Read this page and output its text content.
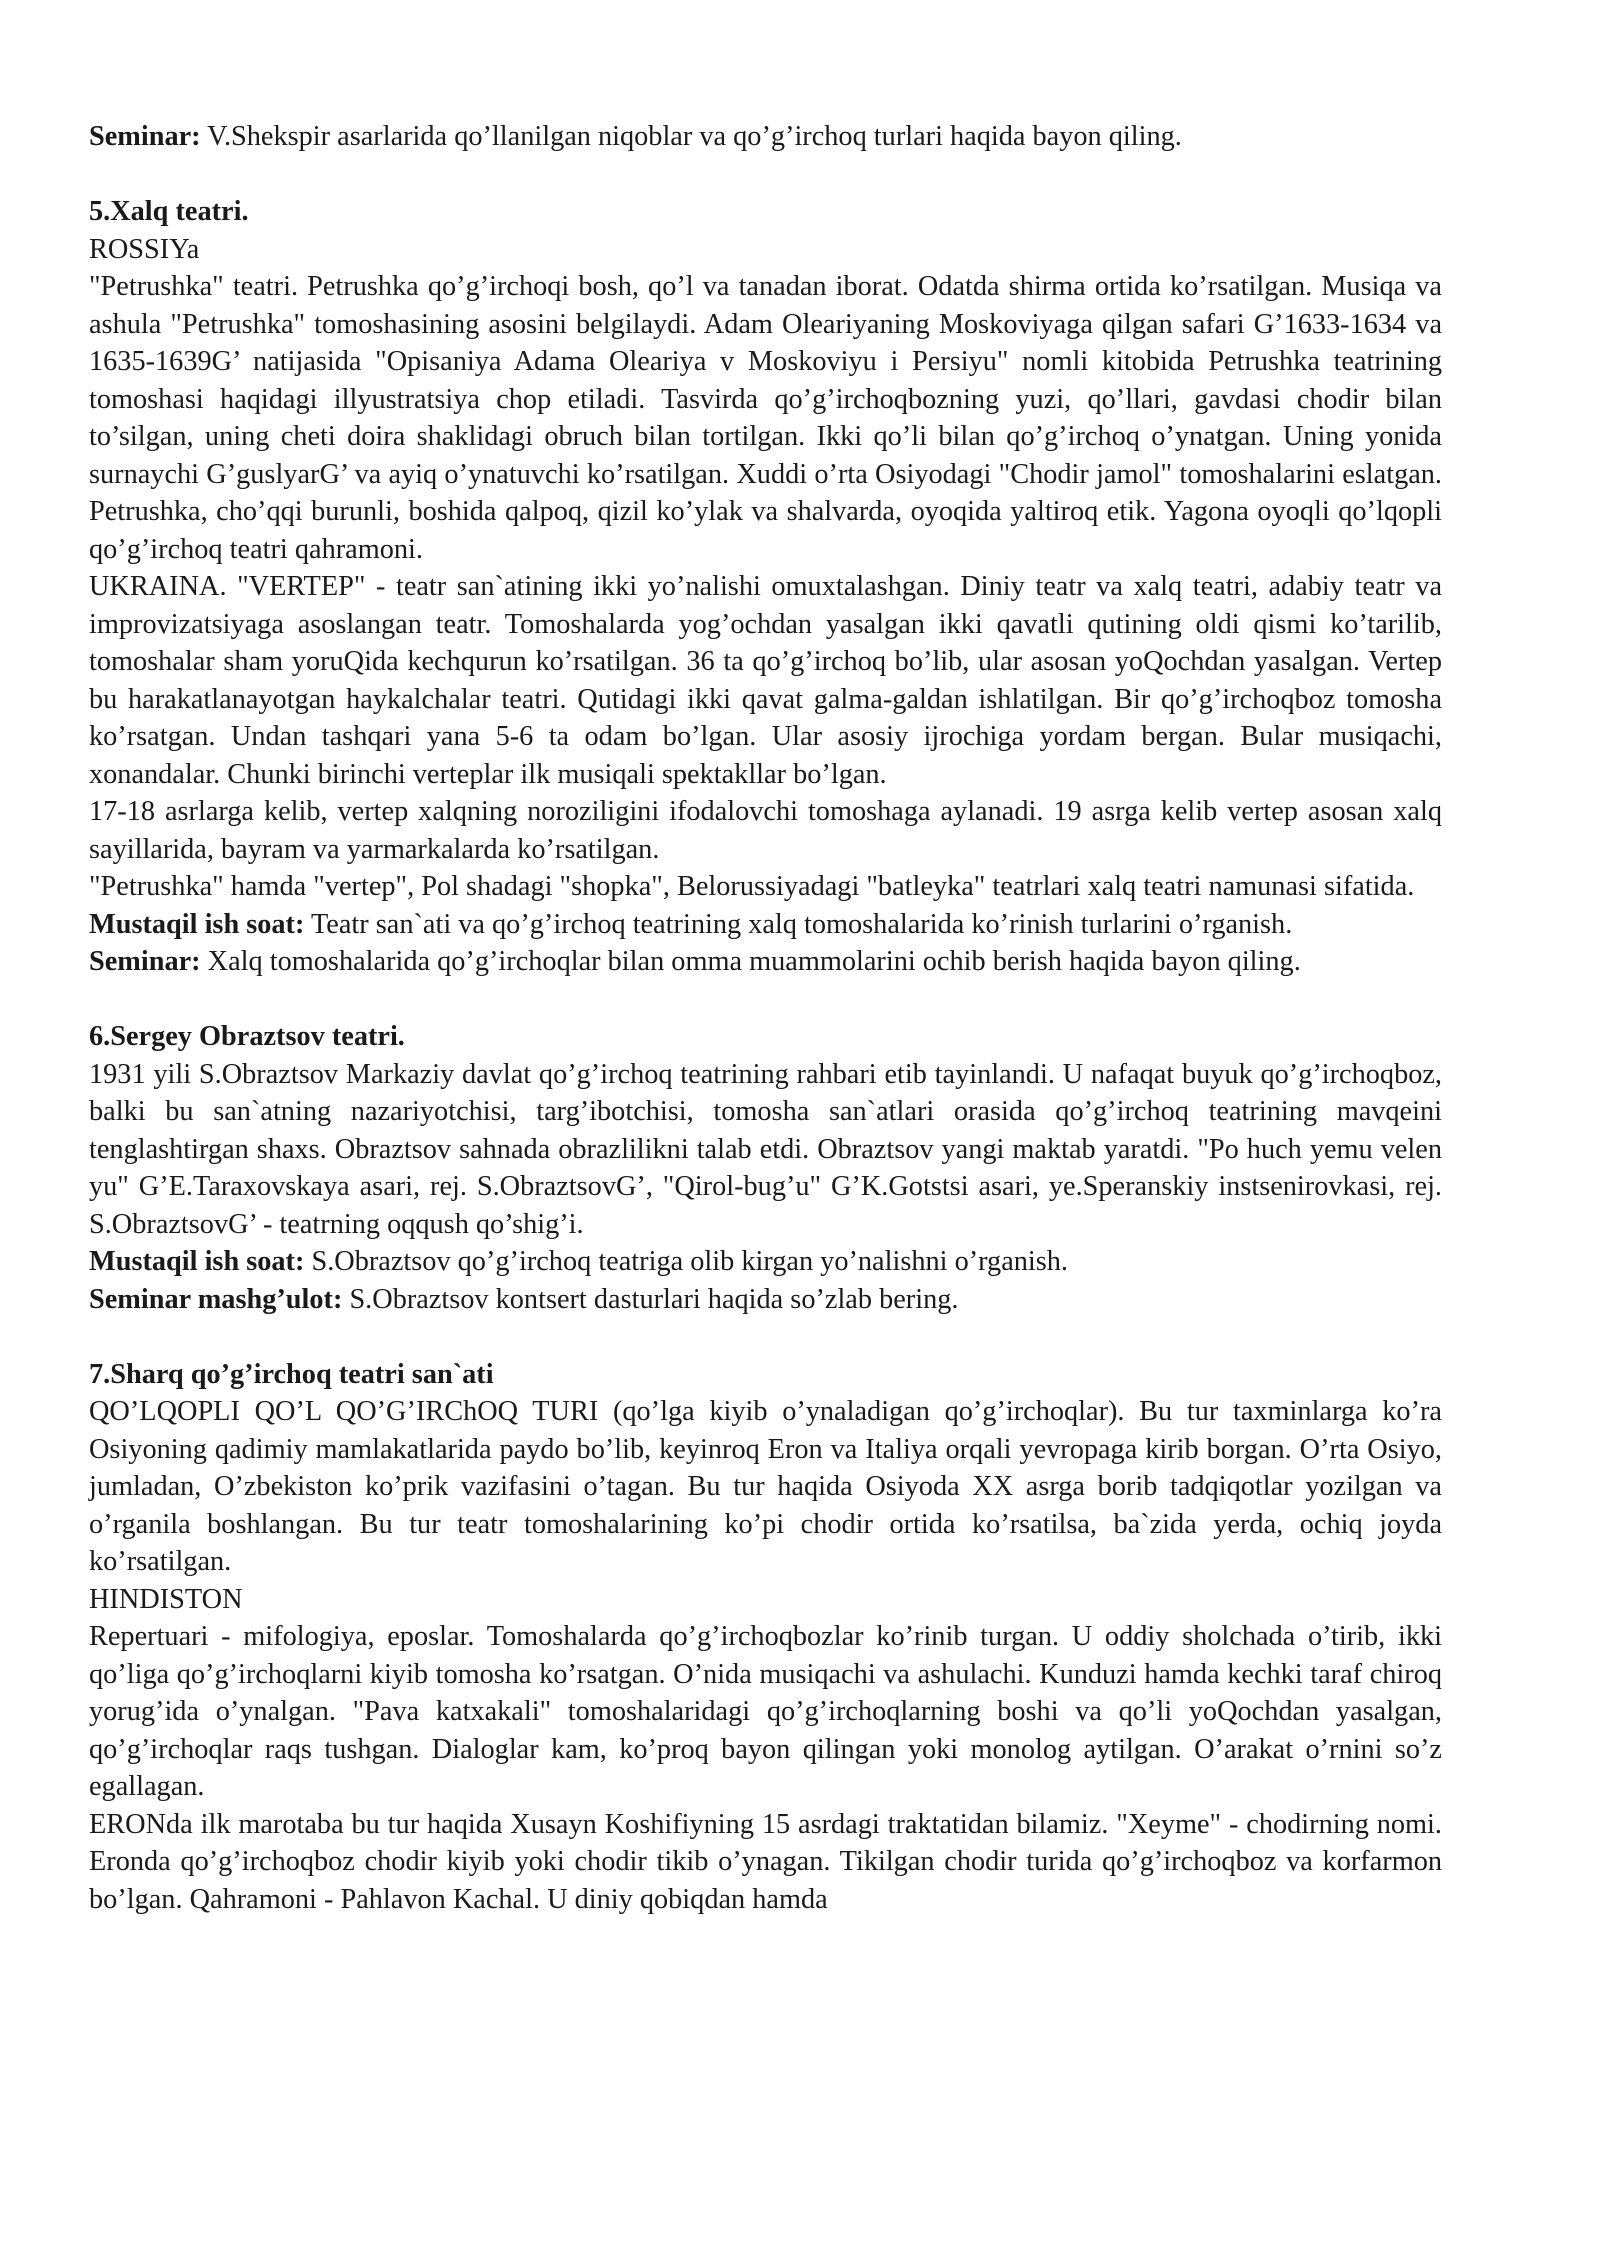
Seminar: V.Shekspir asarlarida qo’llanilgan niqoblar va qo’g’irchoq turlari haqida bayon qiling.

5.Xalq teatri.

ROSSIYa

"Petrushka" teatri. Petrushka qo’g’irchoqi bosh, qo’l va tanadan iborat. Odatda shirma ortida ko’rsatilgan. Musiqa va ashula "Petrushka" tomoshasining asosini belgilaydi. Adam Oleariyaning Moskoviyaga qilgan safari G’1633-1634 va 1635-1639G’ natijasida "Opisaniya Adama Oleariya v Moskoviyu i Persiyu" nomli kitobida Petrushka teatrining tomoshasi haqidagi illyustratsiya chop etiladi. Tasvirda qo’g’irchoqbozning yuzi, qo’llari, gavdasi chodir bilan to’silgan, uning cheti doira shaklidagi obruch bilan tortilgan. Ikki qo’li bilan qo’g’irchoq o’ynatgan. Uning yonida surnaychi G’guslyarG’ va ayiq o’ynatuvchi ko’rsatilgan. Xuddi o’rta Osiyodagi "Chodir jamol" tomoshalarini eslatgan. Petrushka, cho’qqi burunli, boshida qalpoq, qizil ko’ylak va shalvarda, oyoqida yaltiroq etik. Yagona oyoqli qo’lqopli qo’g’irchoq teatri qahramoni.

UKRAINA. "VERTEP" - teatr san`atining ikki yo’nalishi omuxtalashgan. Diniy teatr va xalq teatri, adabiy teatr va improvizatsiyaga asoslangan teatr. Tomoshalarda yog’ochdan yasalgan ikki qavatli qutining oldi qismi ko’tarilib, tomoshalar sham yoruQida kechqurun ko’rsatilgan. 36 ta qo’g’irchoq bo’lib, ular asosan yoQochdan yasalgan. Vertep bu harakatlanayotgan haykalchalar teatri. Qutidagi ikki qavat galma-galdan ishlatilgan. Bir qo’g’irchoqboz tomosha ko’rsatgan. Undan tashqari yana 5-6 ta odam bo’lgan. Ular asosiy ijrochiga yordam bergan. Bular musiqachi, xonandalar. Chunki birinchi verteplar ilk musiqali spektakllar bo’lgan.

17-18 asrlarga kelib, vertep xalqning noroziligini ifodalovchi tomoshaga aylanadi. 19 asrga kelib vertep asosan xalq sayillarida, bayram va yarmarkalarda ko’rsatilgan.

"Petrushka" hamda "vertep", Pol shadagi "shopka", Belorussiyadagi "batleyka" teatrlari xalq teatri namunasi sifatida.

Mustaqil ish soat: Teatr san`ati va qo’g’irchoq teatrining xalq tomoshalarida ko’rinish turlarini o’rganish.

Seminar: Xalq tomoshalarida qo’g’irchoqlar bilan omma muammolarini ochib berish haqida bayon qiling.

6.Sergey Obraztsov teatri.

1931 yili S.Obraztsov Markaziy davlat qo’g’irchoq teatrining rahbari etib tayinlandi. U nafaqat buyuk qo’g’irchoqboz, balki bu san`atning nazariyotchisi, targ’ibotchisi, tomosha san`atlari orasida qo’g’irchoq teatrining mavqeini tenglashtirgan shaxs. Obraztsov sahnada obrazlilikni talab etdi. Obraztsov yangi maktab yaratdi. "Po huch yemu velen yu" G’E.Taraxovskaya asari, rej. S.ObraztsovG’, "Qirol-bug’u" G’K.Gotstsi asari, ye.Speranskiy instsenirovkasi, rej. S.ObraztsovG’ - teatrning oqqush qo’shig’i.

Mustaqil ish soat: S.Obraztsov qo’g’irchoq teatriga olib kirgan yo’nalishni o’rganish.

Seminar mashg’ulot: S.Obraztsov kontsert dasturlari haqida so’zlab bering.

7.Sharq qo’g’irchoq teatri san`ati

QO’LQOPLI QO’L QO’G’IRChOQ TURI (qo’lga kiyib o’ynaladigan qo’g’irchoqlar). Bu tur taxminlarga ko’ra Osiyoning qadimiy mamlakatlarida paydo bo’lib, keyinroq Eron va Italiya orqali yevropaga kirib borgan. O’rta Osiyo, jumladan, O’zbekiston ko’prik vazifasini o’tagan. Bu tur haqida Osiyoda XX asrga borib tadqiqotlar yozilgan va o’rganila boshlangan. Bu tur teatr tomoshalarining ko’pi chodir ortida ko’rsatilsa, ba`zida yerda, ochiq joyda ko’rsatilgan.

HINDISTON

Repertuari - mifologiya, eposlar. Tomoshalarda qo’g’irchoqbozlar ko’rinib turgan. U oddiy sholchada o’tirib, ikki qo’liga qo’g’irchoqlarni kiyib tomosha ko’rsatgan. O’nida musiqachi va ashulachi. Kunduzi hamda kechki taraf chiroq yorug’ida o’ynalgan. "Pava katxakali" tomoshalaridagi qo’g’irchoqlarning boshi va qo’li yoQochdan yasalgan, qo’g’irchoqlar raqs tushgan. Dialoglar kam, ko’proq bayon qilingan yoki monolog aytilgan. O’arakat o’rnini so’z egallagan.

ERONda ilk marotaba bu tur haqida Xusayn Koshifiyning 15 asrdagi traktatidan bilamiz. "Xeyme" - chodirning nomi. Eronda qo’g’irchoqboz chodir kiyib yoki chodir tikib o’ynagan. Tikilgan chodir turida qo’g’irchoqboz va korfarmon bo’lgan. Qahramoni - Pahlavon Kachal. U diniy qobiqdan hamda
